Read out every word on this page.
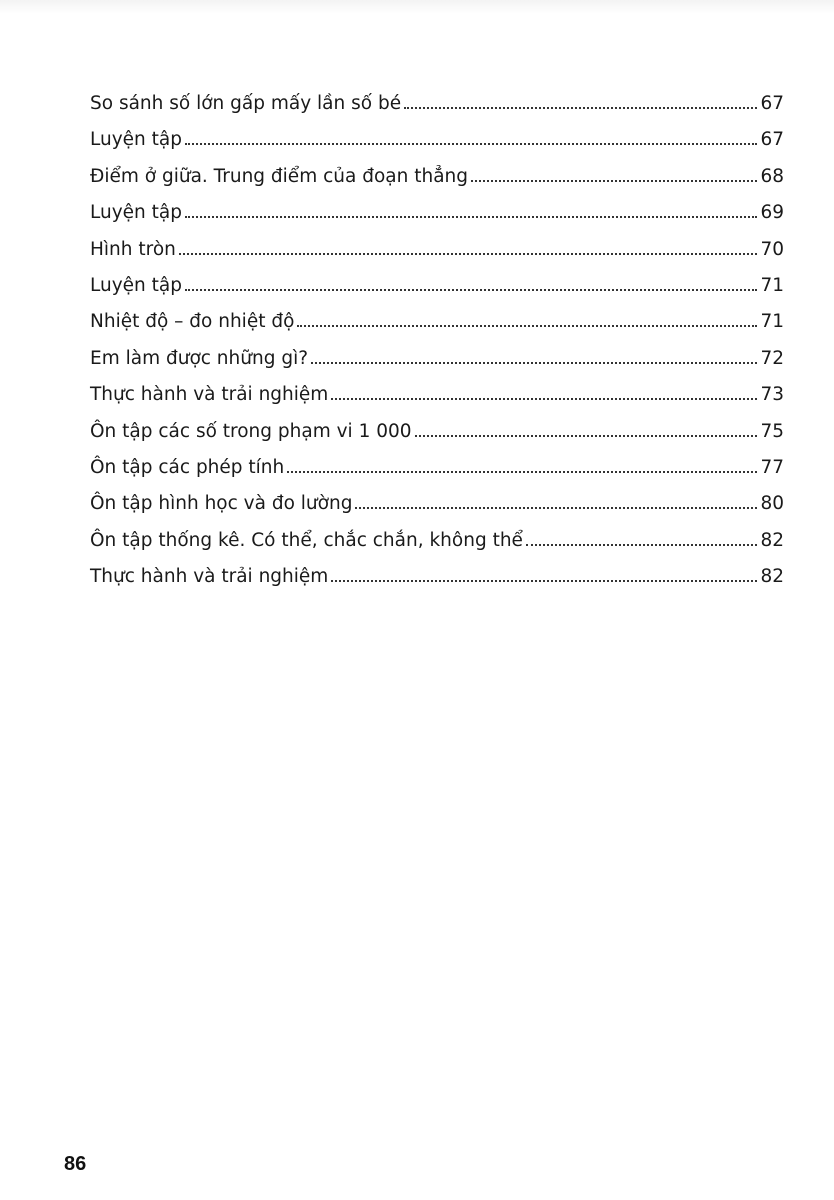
So sánh số lớn gấp mấy lần số bé	67
Luyện tập	67
Điểm ở giữa. Trung điểm của đoạn thẳng	68
Luyện tập	69
Hình tròn	70
Luyện tập	71
Nhiệt độ – đo nhiệt độ	71
Em làm được những gì?	72
Thực hành và trải nghiệm	73
Ôn tập các số trong phạm vi 1 000	75
Ôn tập các phép tính	77
Ôn tập hình học và đo lường	80
Ôn tập thống kê. Có thể, chắc chắn, không thể	82
Thực hành và trải nghiệm	82
86
